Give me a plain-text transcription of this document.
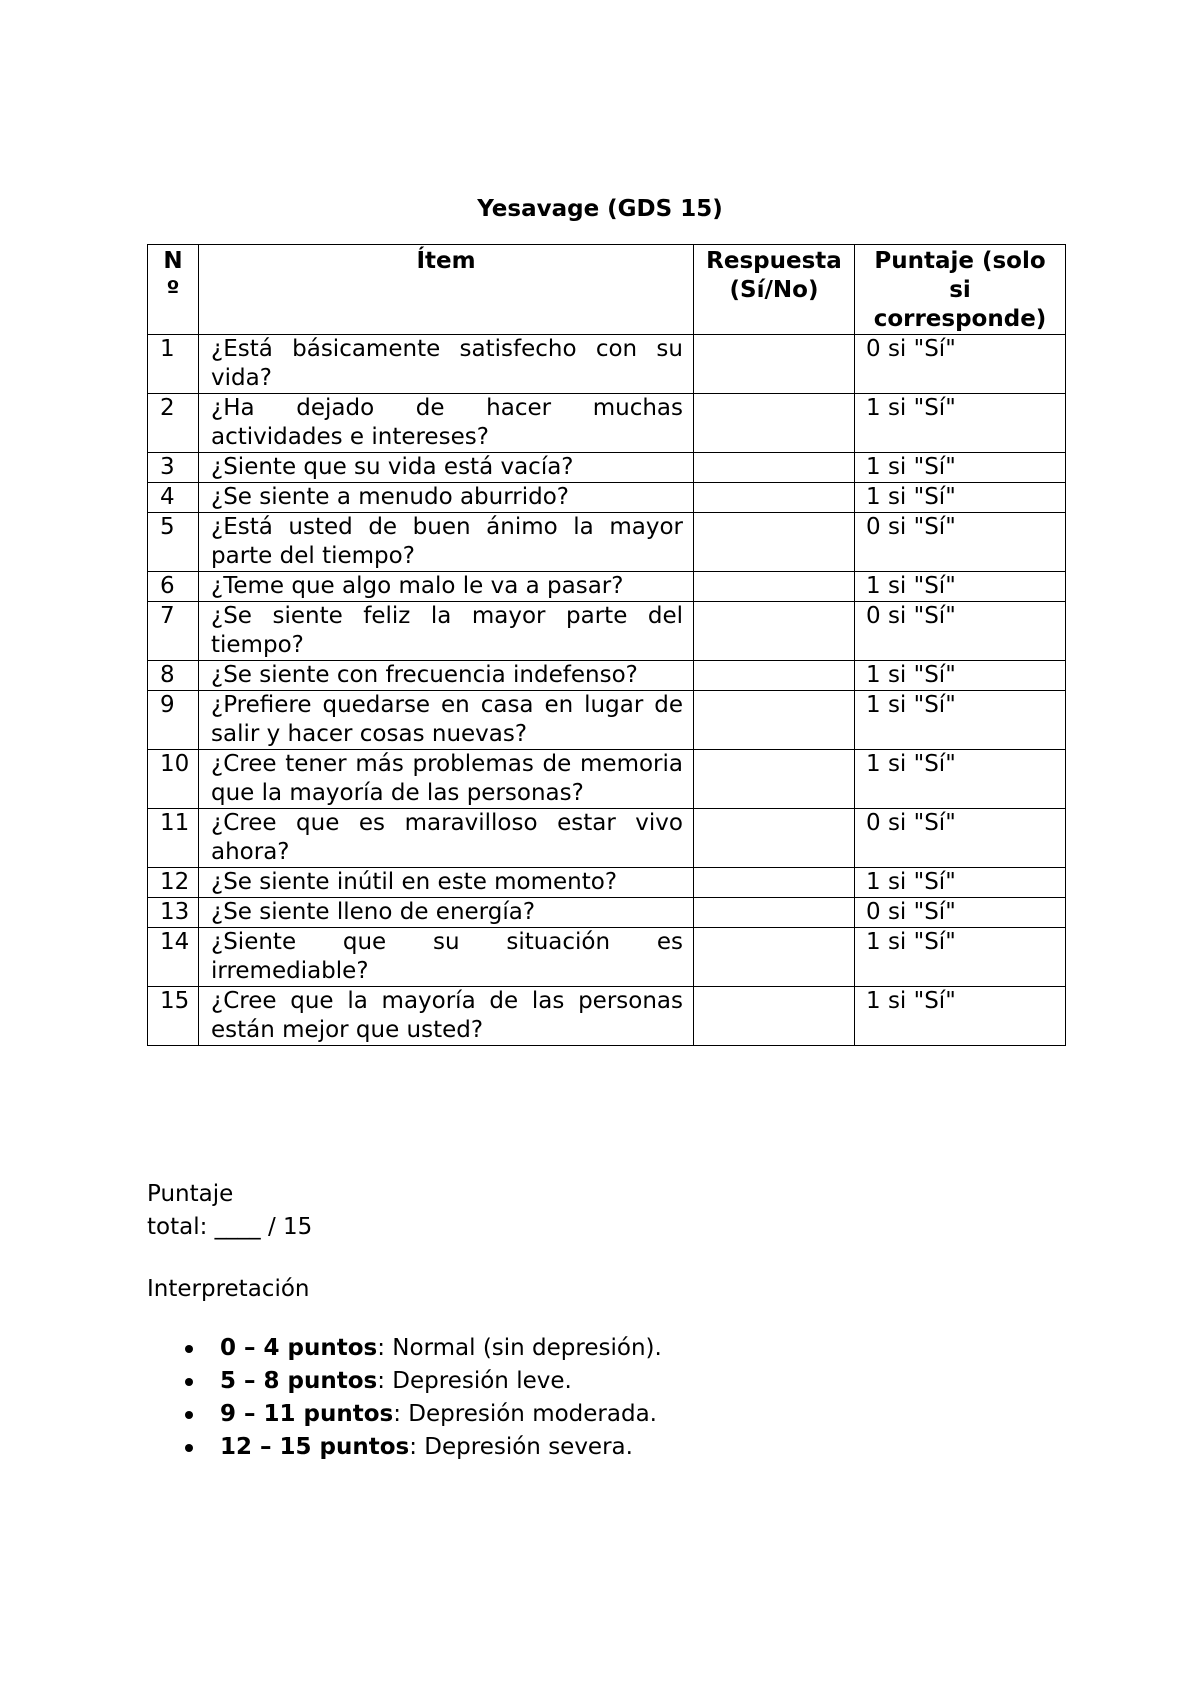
Yesavage (GDS 15)
Nº	Ítem	Respuesta (Sí/No)	Puntaje (solo si corresponde)
1	¿Está básicamente satisfecho con su vida?		0 si "Sí"
2	¿Ha dejado de hacer muchas actividades e intereses?		1 si "Sí"
3	¿Siente que su vida está vacía?		1 si "Sí"
4	¿Se siente a menudo aburrido?		1 si "Sí"
5	¿Está usted de buen ánimo la mayor parte del tiempo?		0 si "Sí"
6	¿Teme que algo malo le va a pasar?		1 si "Sí"
7	¿Se siente feliz la mayor parte del tiempo?		0 si "Sí"
8	¿Se siente con frecuencia indefenso?		1 si "Sí"
9	¿Prefiere quedarse en casa en lugar de salir y hacer cosas nuevas?		1 si "Sí"
10	¿Cree tener más problemas de memoria que la mayoría de las personas?		1 si "Sí"
11	¿Cree que es maravilloso estar vivo ahora?		0 si "Sí"
12	¿Se siente inútil en este momento?		1 si "Sí"
13	¿Se siente lleno de energía?		0 si "Sí"
14	¿Siente que su situación es irremediable?		1 si "Sí"
15	¿Cree que la mayoría de las personas están mejor que usted?		1 si "Sí"
Puntaje
total: ____ / 15
Interpretación
0 – 4 puntos: Normal (sin depresión).
5 – 8 puntos: Depresión leve.
9 – 11 puntos: Depresión moderada.
12 – 15 puntos: Depresión severa.
